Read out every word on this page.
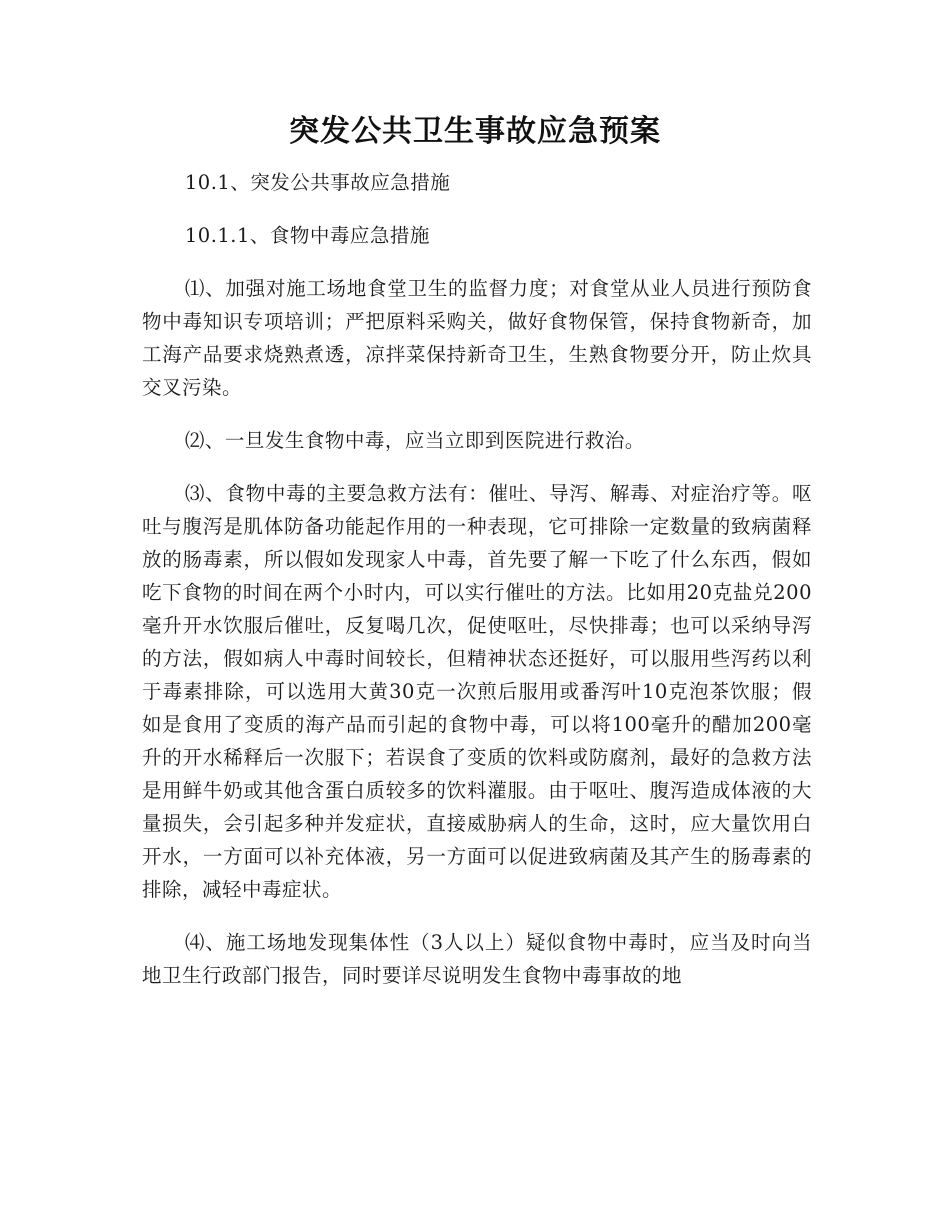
突发公共卫生事故应急预案

10.1、突发公共事故应急措施

10.1.1、食物中毒应急措施

⑴、加强对施工场地食堂卫生的监督力度；对食堂从业人员进行预防食物中毒知识专项培训；严把原料采购关，做好食物保管，保持食物新奇，加工海产品要求烧熟煮透，凉拌菜保持新奇卫生，生熟食物要分开，防止炊具交叉污染。

⑵、一旦发生食物中毒，应当立即到医院进行救治。

⑶、食物中毒的主要急救方法有：催吐、导泻、解毒、对症治疗等。呕吐与腹泻是肌体防备功能起作用的一种表现，它可排除一定数量的致病菌释放的肠毒素，所以假如发现家人中毒，首先要了解一下吃了什么东西，假如吃下食物的时间在两个小时内，可以实行催吐的方法。比如用20克盐兑200毫升开水饮服后催吐，反复喝几次，促使呕吐，尽快排毒；也可以采纳导泻的方法，假如病人中毒时间较长，但精神状态还挺好，可以服用些泻药以利于毒素排除，可以选用大黄30克一次煎后服用或番泻叶10克泡茶饮服；假如是食用了变质的海产品而引起的食物中毒，可以将100毫升的醋加200毫升的开水稀释后一次服下；若误食了变质的饮料或防腐剂，最好的急救方法是用鲜牛奶或其他含蛋白质较多的饮料灌服。由于呕吐、腹泻造成体液的大量损失，会引起多种并发症状，直接威胁病人的生命，这时，应大量饮用白开水，一方面可以补充体液，另一方面可以促进致病菌及其产生的肠毒素的排除，减轻中毒症状。

⑷、施工场地发现集体性（3人以上）疑似食物中毒时，应当及时向当地卫生行政部门报告，同时要详尽说明发生食物中毒事故的地
